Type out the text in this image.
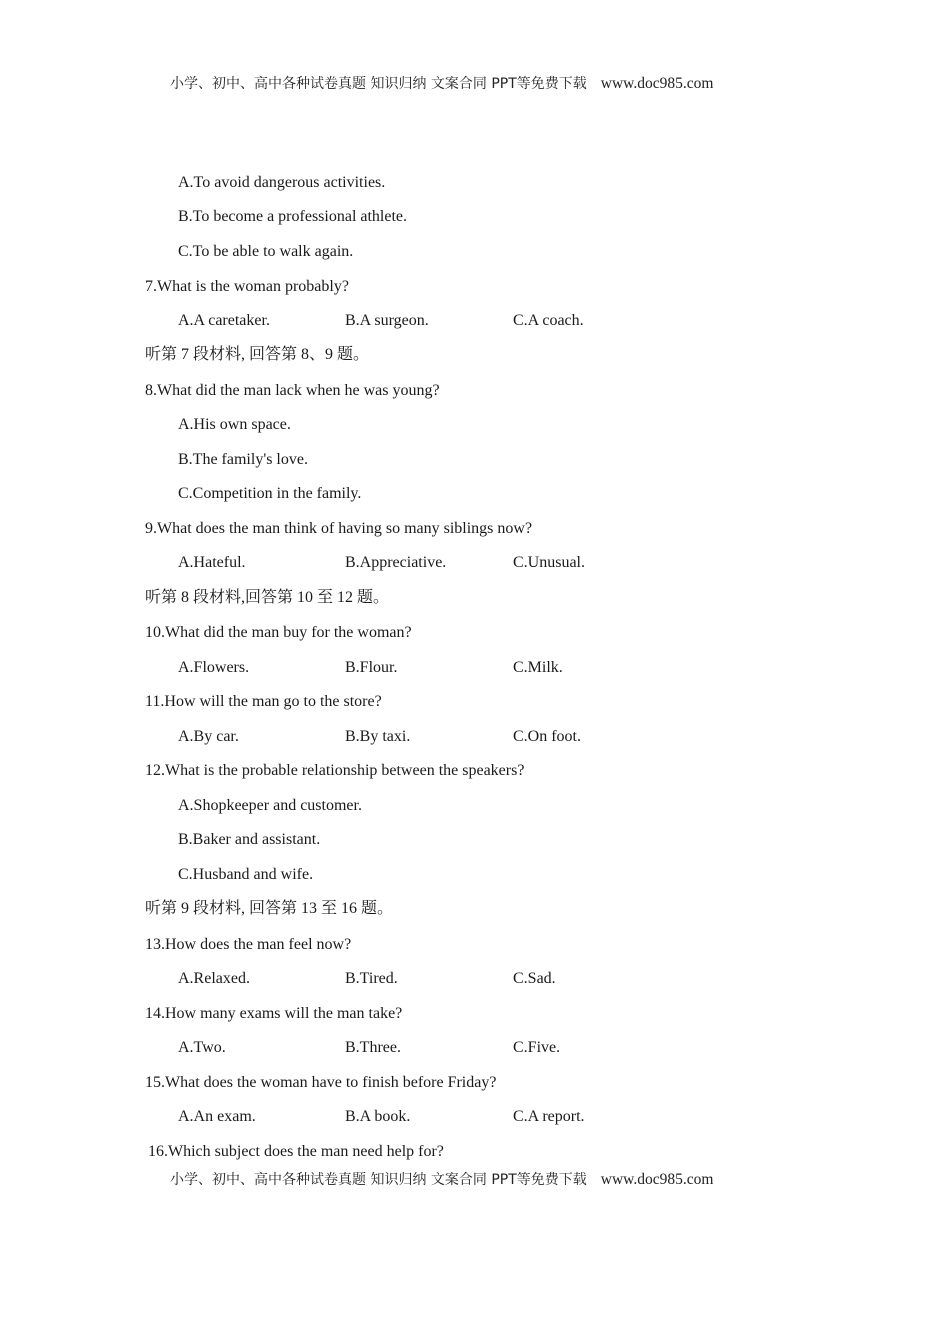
小学、初中、高中各种试卷真题 知识归纳 文案合同 PPT等免费下载 www.doc985.com
A.To avoid dangerous activities.
B.To become a professional athlete.
C.To be able to walk again.
7.What is the woman probably?
A.A caretaker.	B.A surgeon.	C.A coach.
听第 7 段材料, 回答第 8、9 题。
8.What did the man lack when he was young?
A.His own space.
B.The family's love.
C.Competition in the family.
9.What does the man think of having so many siblings now?
A.Hateful.	B.Appreciative.	C.Unusual.
听第 8 段材料,回答第 10 至 12 题。
10.What did the man buy for the woman?
A.Flowers.	B.Flour.	C.Milk.
11.How will the man go to the store?
A.By car.	B.By taxi.	C.On foot.
12.What is the probable relationship between the speakers?
A.Shopkeeper and customer.
B.Baker and assistant.
C.Husband and wife.
听第 9 段材料, 回答第 13 至 16 题。
13.How does the man feel now?
A.Relaxed.	B.Tired.	C.Sad.
14.How many exams will the man take?
A.Two.	B.Three.	C.Five.
15.What does the woman have to finish before Friday?
A.An exam.	B.A book.	C.A report.
16.Which subject does the man need help for?
小学、初中、高中各种试卷真题 知识归纳 文案合同 PPT等免费下载 www.doc985.com
